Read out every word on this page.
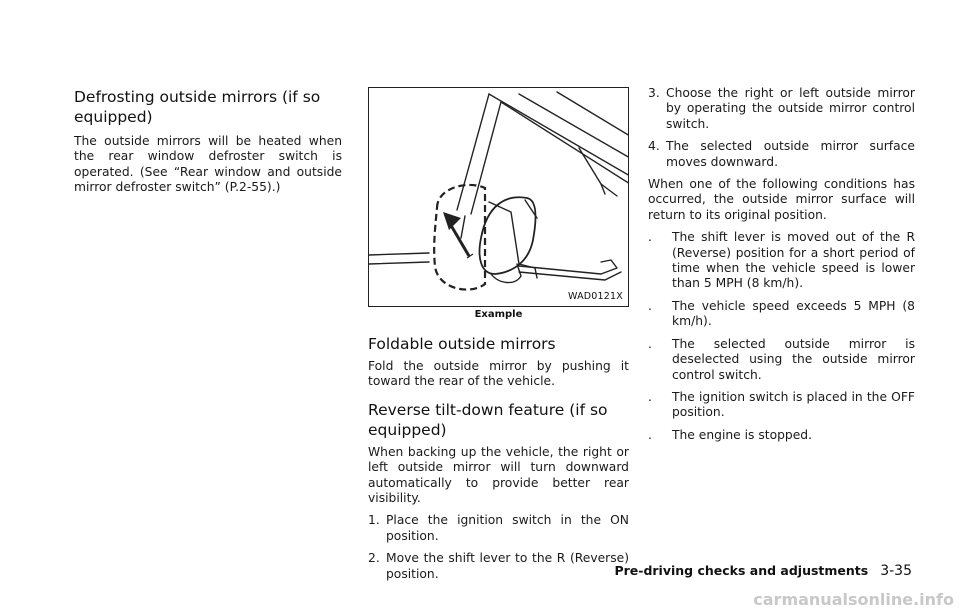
Defrosting outside mirrors (if so equipped)

The outside mirrors will be heated when the rear window defroster switch is operated. (See “Rear window and outside mirror defroster switch” (P.2-55).)

WAD0121X
Example
Foldable outside mirrors

Fold the outside mirror by pushing it toward the rear of the vehicle.

Reverse tilt-down feature (if so equipped)

When backing up the vehicle, the right or left outside mirror will turn downward automatically to provide better rear visibility.

1. Place the ignition switch in the ON position.
2. Move the shift lever to the R (Reverse) position.
3. Choose the right or left outside mirror by operating the outside mirror control switch.
4. The selected outside mirror surface moves downward.

When one of the following conditions has occurred, the outside mirror surface will return to its original position.

.	The shift lever is moved out of the R (Reverse) position for a short period of time when the vehicle speed is lower than 5 MPH (8 km/h).
.	The vehicle speed exceeds 5 MPH (8 km/h).
.	The selected outside mirror is deselected using the outside mirror control switch.
.	The ignition switch is placed in the OFF position.
.	The engine is stopped.
Pre-driving checks and adjustments 3-35
carmanualsonline.info
